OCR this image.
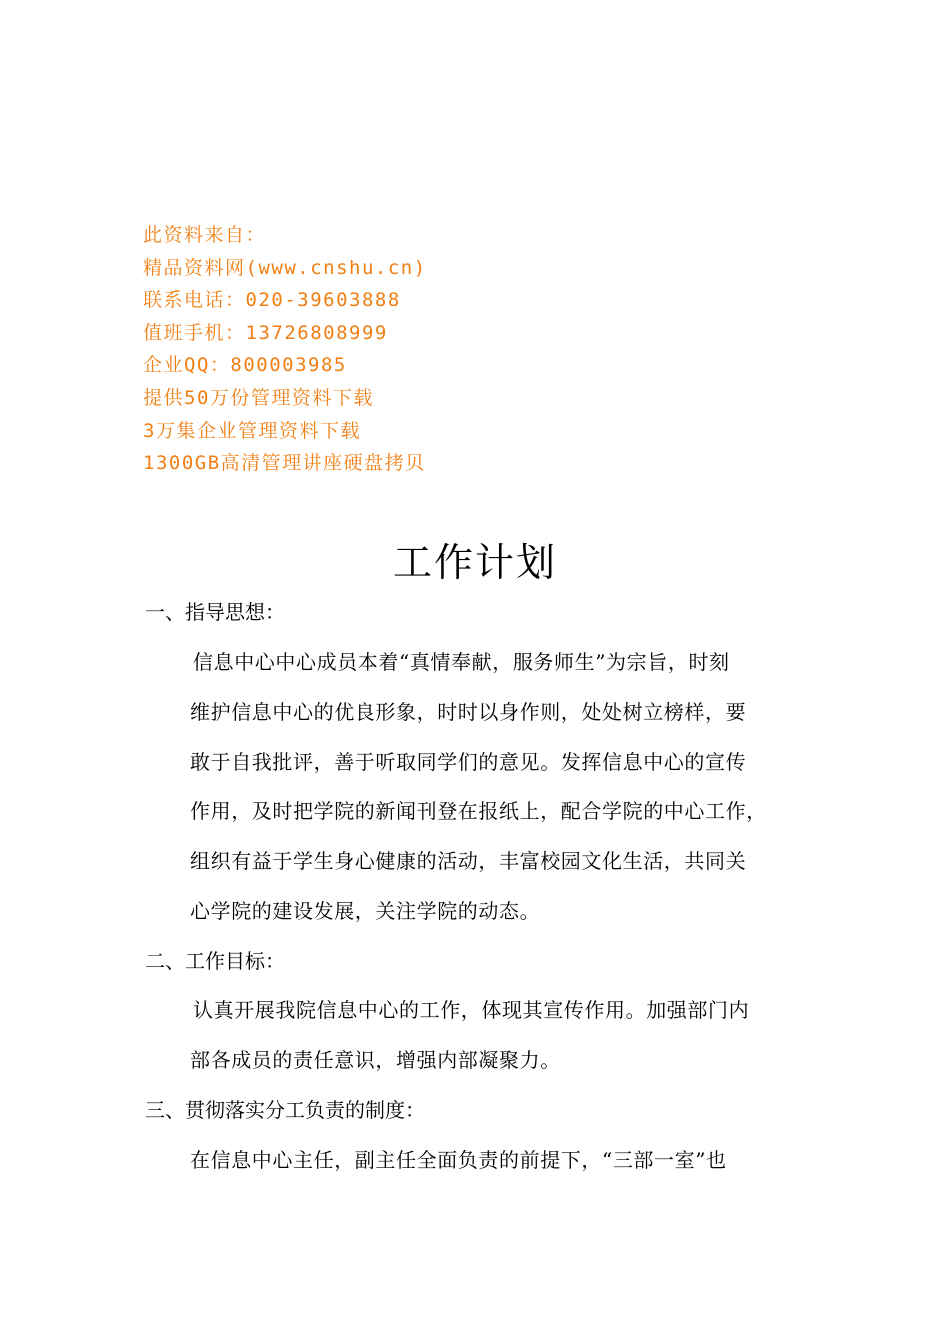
此资料来自：
精品资料网(www.cnshu.cn)
联系电话：020-39603888
值班手机：13726808999
企业QQ：800003985
提供50万份管理资料下载
3万集企业管理资料下载
1300GB高清管理讲座硬盘拷贝
工作计划
一、指导思想：
信息中心中心成员本着“真情奉献，服务师生”为宗旨，时刻
维护信息中心的优良形象，时时以身作则，处处树立榜样，要
敢于自我批评，善于听取同学们的意见。发挥信息中心的宣传
作用，及时把学院的新闻刊登在报纸上，配合学院的中心工作，
组织有益于学生身心健康的活动，丰富校园文化生活，共同关
心学院的建设发展，关注学院的动态。
二、工作目标：
认真开展我院信息中心的工作，体现其宣传作用。加强部门内
部各成员的责任意识，增强内部凝聚力。
三、贯彻落实分工负责的制度：
在信息中心主任，副主任全面负责的前提下，“三部一室”也
